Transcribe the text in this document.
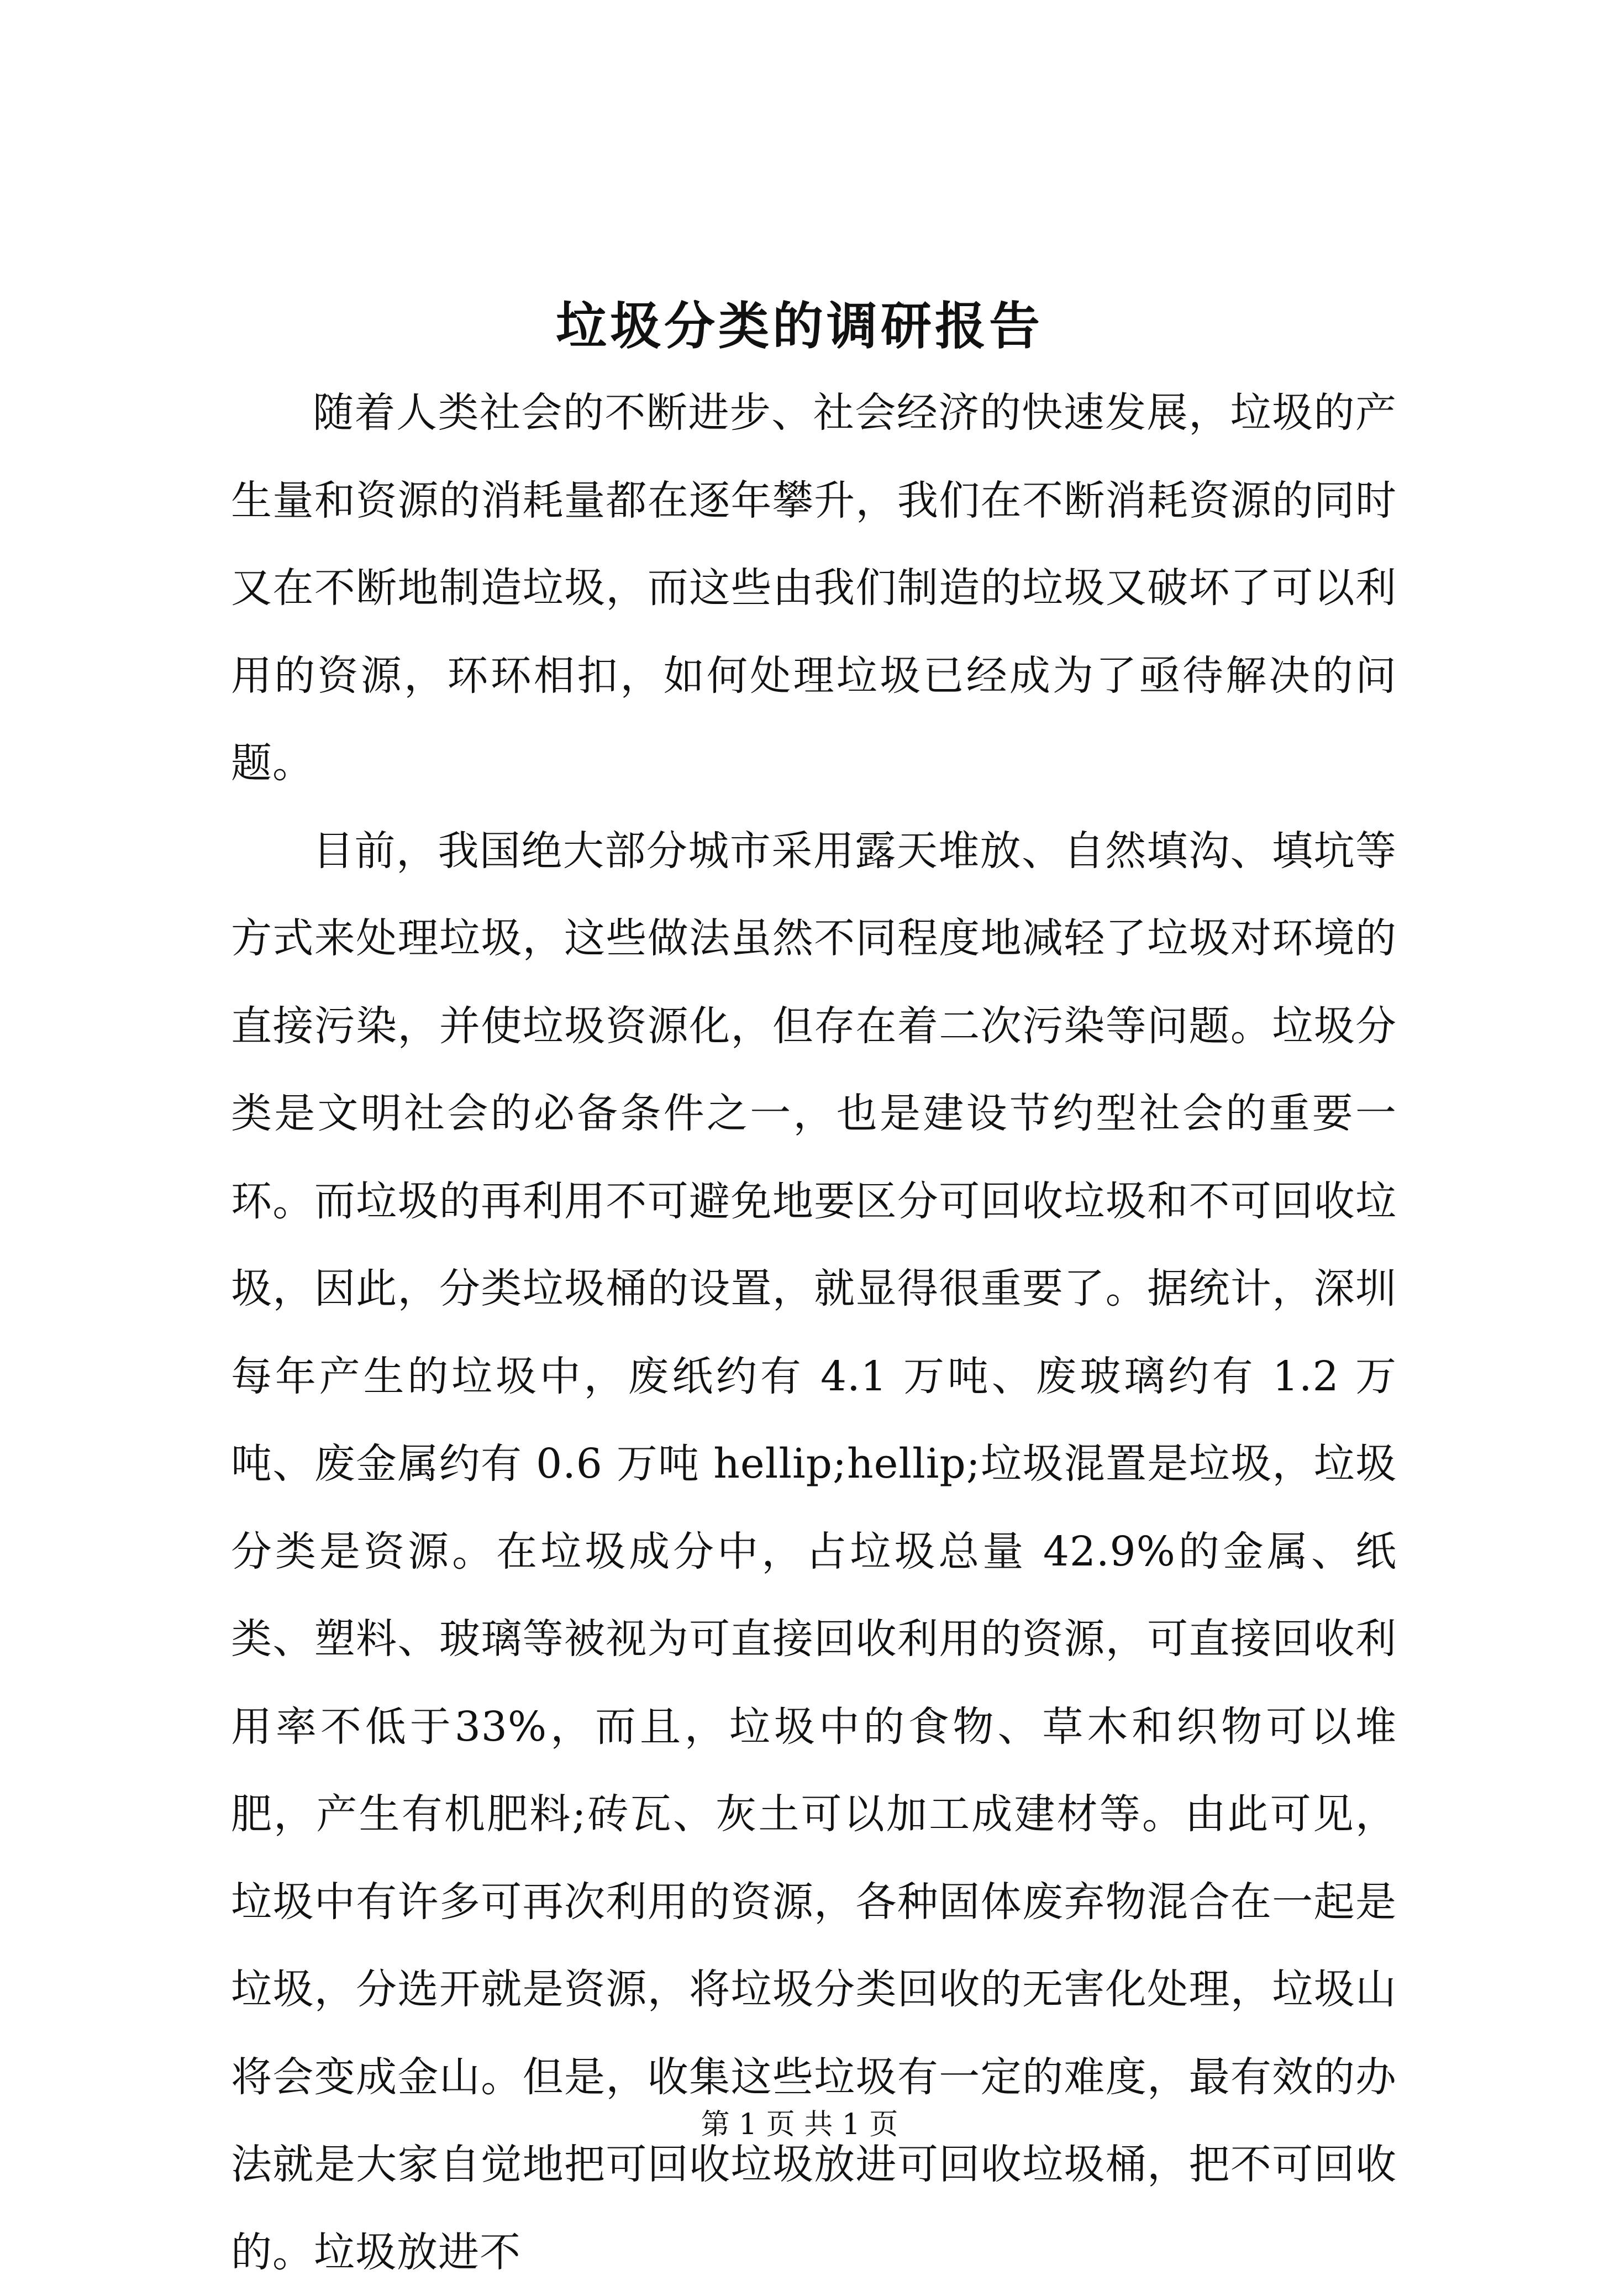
垃圾分类的调研报告

随着人类社会的不断进步、社会经济的快速发展，垃圾的产生量和资源的消耗量都在逐年攀升，我们在不断消耗资源的同时又在不断地制造垃圾，而这些由我们制造的垃圾又破坏了可以利用的资源，环环相扣，如何处理垃圾已经成为了亟待解决的问题。

目前，我国绝大部分城市采用露天堆放、自然填沟、填坑等方式来处理垃圾，这些做法虽然不同程度地减轻了垃圾对环境的直接污染，并使垃圾资源化，但存在着二次污染等问题。垃圾分类是文明社会的必备条件之一，也是建设节约型社会的重要一环。而垃圾的再利用不可避免地要区分可回收垃圾和不可回收垃圾，因此，分类垃圾桶的设置，就显得很重要了。据统计，深圳每年产生的垃圾中，废纸约有 4.1 万吨、废玻璃约有 1.2 万吨、废金属约有 0.6 万吨 hellip;hellip;垃圾混置是垃圾，垃圾分类是资源。在垃圾成分中，占垃圾总量 42.9%的金属、纸类、塑料、玻璃等被视为可直接回收利用的资源，可直接回收利用率不低于33%，而且，垃圾中的食物、草木和织物可以堆肥，产生有机肥料;砖瓦、灰土可以加工成建材等。由此可见，垃圾中有许多可再次利用的资源，各种固体废弃物混合在一起是垃圾，分选开就是资源，将垃圾分类回收的无害化处理，垃圾山将会变成金山。但是，收集这些垃圾有一定的难度，最有效的办法就是大家自觉地把可回收垃圾放进可回收垃圾桶，把不可回收的。垃圾放进不

第 1 页 共 1 页
